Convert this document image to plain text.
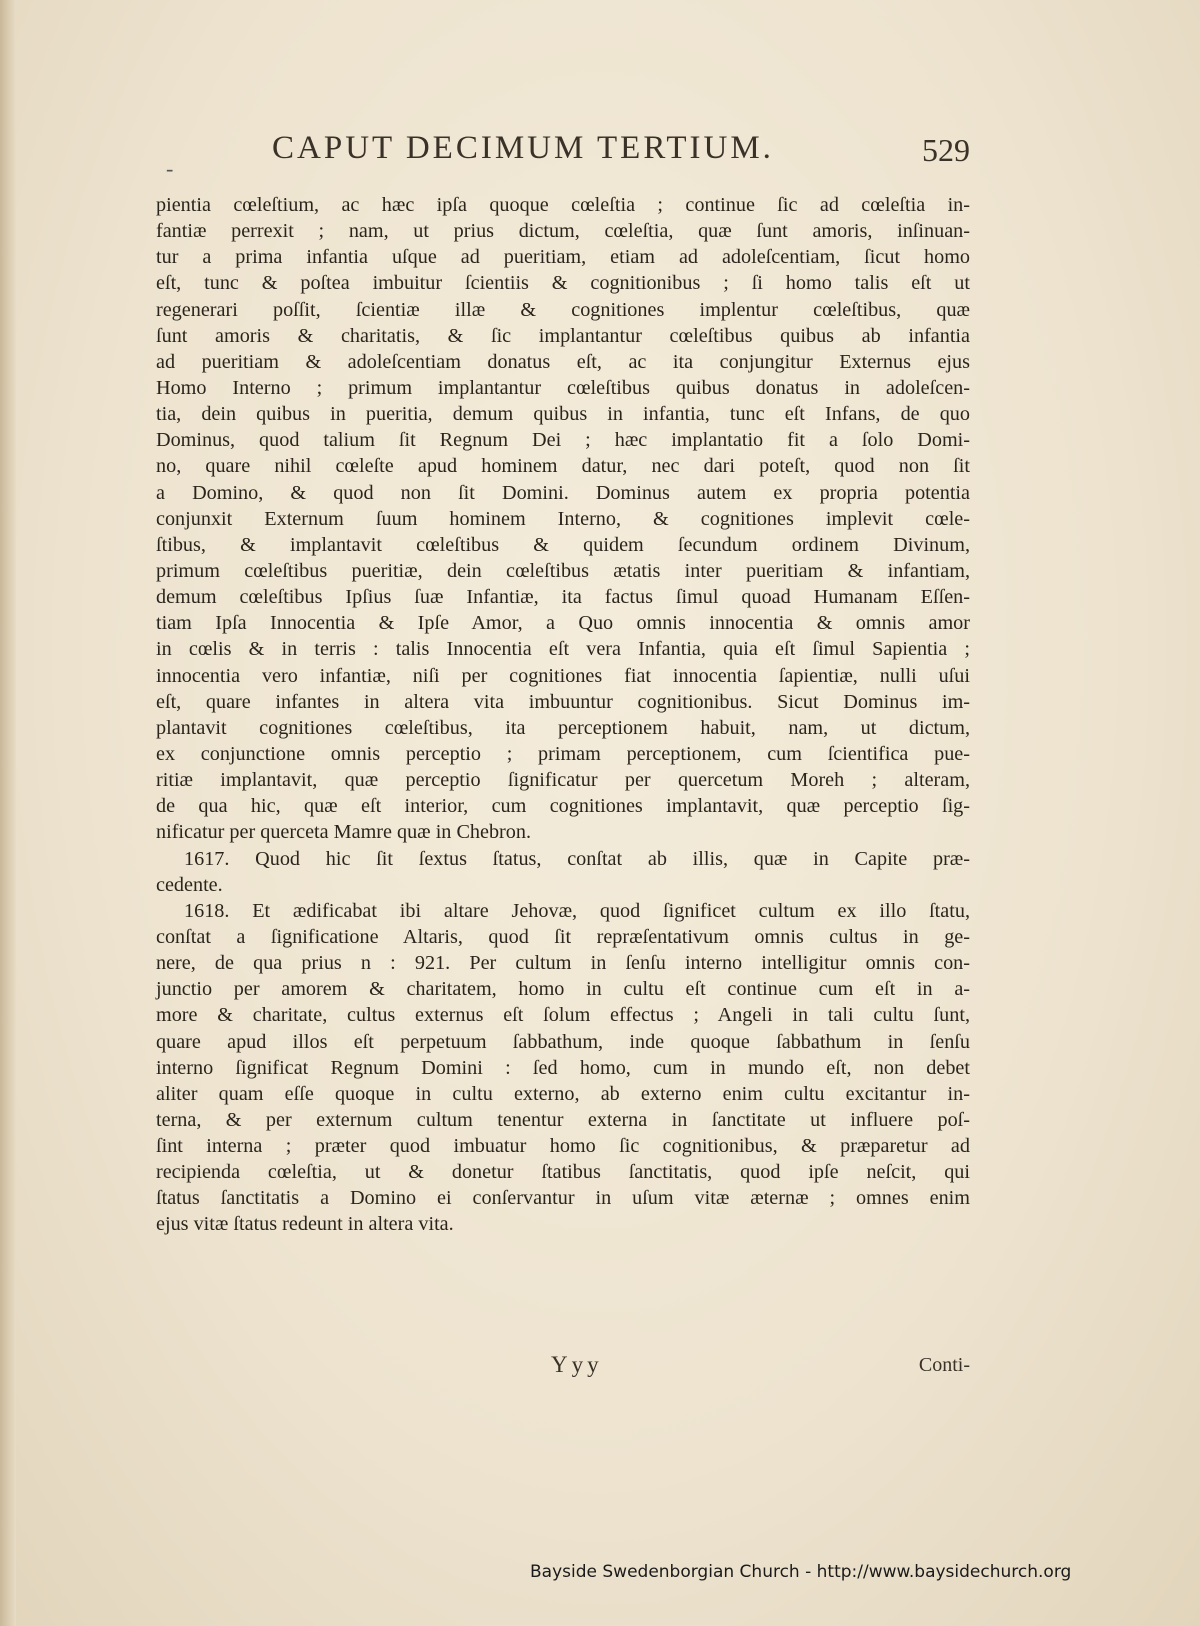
-
CAPUT DECIMUM TERTIUM.	529
pientia cœleſtium, ac hæc ipſa quoque cœleſtia ; continue ſic ad cœleſtia in-
fantiæ perrexit ; nam, ut prius dictum, cœleſtia, quæ ſunt amoris, inſinuan-
tur a prima infantia uſque ad pueritiam, etiam ad adoleſcentiam, ſicut homo
eſt, tunc & poſtea imbuitur ſcientiis & cognitionibus ; ſi homo talis eſt ut
regenerari poſſit, ſcientiæ illæ & cognitiones implentur cœleſtibus, quæ
ſunt amoris & charitatis, & ſic implantantur cœleſtibus quibus ab infantia
ad pueritiam & adoleſcentiam donatus eſt, ac ita conjungitur Externus ejus
Homo Interno ; primum implantantur cœleſtibus quibus donatus in adoleſcen-
tia, dein quibus in pueritia, demum quibus in infantia, tunc eſt Infans, de quo
Dominus, quod talium ſit Regnum Dei ; hæc implantatio fit a ſolo Domi-
no, quare nihil cœleſte apud hominem datur, nec dari poteſt, quod non ſit
a Domino, & quod non ſit Domini. Dominus autem ex propria potentia
conjunxit Externum ſuum hominem Interno, & cognitiones implevit cœle-
ſtibus, & implantavit cœleſtibus & quidem ſecundum ordinem Divinum,
primum cœleſtibus pueritiæ, dein cœleſtibus ætatis inter pueritiam & infantiam,
demum cœleſtibus Ipſius ſuæ Infantiæ, ita factus ſimul quoad Humanam Eſſen-
tiam Ipſa Innocentia & Ipſe Amor, a Quo omnis innocentia & omnis amor
in cœlis & in terris : talis Innocentia eſt vera Infantia, quia eſt ſimul Sapientia ;
innocentia vero infantiæ, niſi per cognitiones fiat innocentia ſapientiæ, nulli uſui
eſt, quare infantes in altera vita imbuuntur cognitionibus. Sicut Dominus im-
plantavit cognitiones cœleſtibus, ita perceptionem habuit, nam, ut dictum,
ex conjunctione omnis perceptio ; primam perceptionem, cum ſcientifica pue-
ritiæ implantavit, quæ perceptio ſignificatur per quercetum Moreh ; alteram,
de qua hic, quæ eſt interior, cum cognitiones implantavit, quæ perceptio ſig-
nificatur per querceta Mamre quæ in Chebron.
1617. Quod hic ſit ſextus ſtatus, conſtat ab illis, quæ in Capite præ-
cedente.
1618. Et ædificabat ibi altare Jehovæ, quod ſignificet cultum ex illo ſtatu,
conſtat a ſignificatione Altaris, quod ſit repræſentativum omnis cultus in ge-
nere, de qua prius n : 921. Per cultum in ſenſu interno intelligitur omnis con-
junctio per amorem & charitatem, homo in cultu eſt continue cum eſt in a-
more & charitate, cultus externus eſt ſolum effectus ; Angeli in tali cultu ſunt,
quare apud illos eſt perpetuum ſabbathum, inde quoque ſabbathum in ſenſu
interno ſignificat Regnum Domini : ſed homo, cum in mundo eſt, non debet
aliter quam eſſe quoque in cultu externo, ab externo enim cultu excitantur in-
terna, & per externum cultum tenentur externa in ſanctitate ut influere poſ-
ſint interna ; præter quod imbuatur homo ſic cognitionibus, & præparetur ad
recipienda cœleſtia, ut & donetur ſtatibus ſanctitatis, quod ipſe neſcit, qui
ſtatus ſanctitatis a Domino ei conſervantur in uſum vitæ æternæ ; omnes enim
ejus vitæ ſtatus redeunt in altera vita.
Yyy	Conti-
Bayside Swedenborgian Church - http://www.baysidechurch.org
